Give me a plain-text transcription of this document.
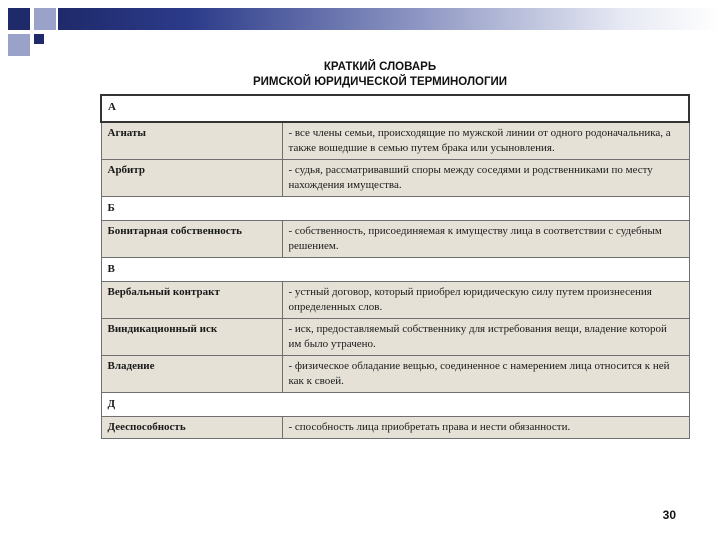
КРАТКИЙ СЛОВАРЬ
РИМСКОЙ ЮРИДИЧЕСКОЙ ТЕРМИНОЛОГИИ
А	
Агнаты	- все члены семьи, происходящие по мужской линии от одного родоначальника, а также вошедшие в семью путем брака или усыновления.
Арбитр	- судья, рассматривавший споры между соседями и родственниками по месту нахождения имущества.
Б	
Бонитарная собственность	- собственность, присоединяемая к имуществу лица в соответствии с судебным решением.
В	
Вербальный контракт	- устный договор, который приобрел юридическую силу путем произнесения определенных слов.
Виндикационный иск	- иск, предоставляемый собственнику для истребования вещи, владение которой им было утрачено.
Владение	- физическое обладание вещью, соединенное с намерением лица относится к ней как к своей.
Д	
Дееспособность	- способность лица приобретать права и нести обязанности.
30
